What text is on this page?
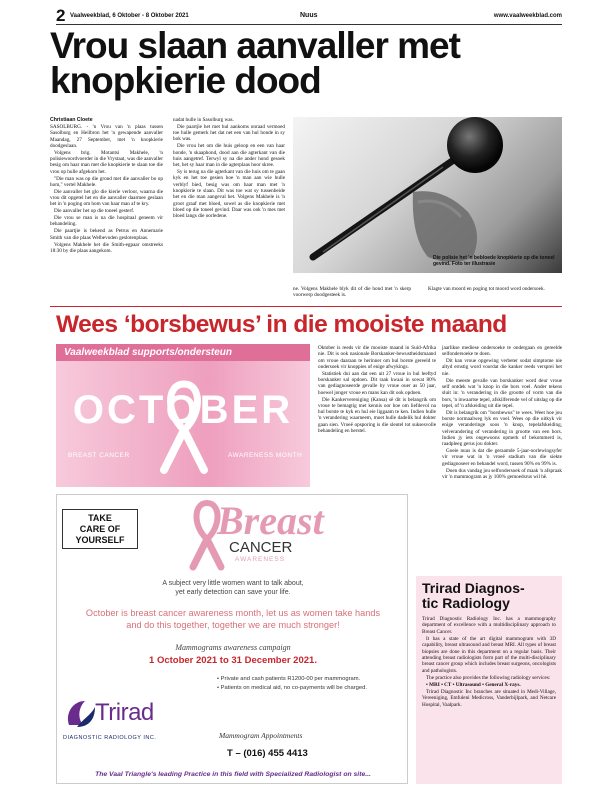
2 Vaalweekblad, 6 Oktober - 8 Oktober 2021	Nuus	www.vaalweekblad.com
Vrou slaan aanvaller met
knopkierie dood
Christiaan Cloete

SASOLBURG. - 'n Vrou van 'n plaas tussen Sasolburg en Heilbron het 'n gewapende aanvaller Maandag, 27 September, met 'n knopkierie doodgeslaan.

Volgens brig. Motantsi Makhele, 'n polisiewoordvoerder in die Vrystaat, was die aanvaller besig om haar man met die knopkierie te slaan toe die vrou op hulle afgekom het.

"Die man was op die grond met die aanvaller bo op hom," vertel Makhele.

Die aanvaller het glo die kierie verloor, waarna die vrou dit opgetel het en die aanvaller daarmee geslaan het in 'n poging om hom van haar man af te kry.

Die aanvaller het op die toneel gesterf.

Die vrou se man is na die hospitaal geneem vir behandeling.

Die paartjie is bekend as Petrus en Annemarie Smith van die plaas Welbevoden geslotenplaas.

Volgens Makhele het die Smith-egpaar omstreeks 18:30 by die plaas aangekom.

nadat hulle in Sasolburg was.

Die paartjie het met hul aankoms onraad vermoed toe hulle gemerk het dat net een van hul honde in sy hok was.

Die vrou het om die huis geloop en een van haar honde, 'n skaaphond, dood aan die agterkant van die huis aangetref. Terwyl sy na die ander hond gesoek het, het sy haar man in die agterplaas hoor skree.

Sy is terug na die agterkant van die huis om te gaan kyk en het toe gesien hoe 'n man aan wie hulle verblyf bied, besig was om haar man met 'n knopkierie te slaan. Dit was toe wat sy tussenbeide het en die man aangeval het. Volgens Makhele is 'n groot graaf met bloed, sowel as die knopkierie met bloed op die toneel gevind. Daar was ook 'n mes met bloed langs die oorledene.

Die polisie het 'n bebloede knopkierie op die toneel gevind. Foto ter illustrasie

ne. Volgens Makhele blyk dit of die hond met 'n skerp voorwerp doodgesteek is.

Klagte van moord en poging tot moord word ondersoek.

Wees ‘borsbewus’ in die mooiste maand
Vaalweekblad supports/ondersteun
OCTOBER
BREAST CANCER	AWARENESS MONTH

Oktober is reeds vir die mooiste maand in Suid-Afrika nie. Dit is ook nasionale Borskanker-bewustheidsmaand om vroue daaraan te herinner om hul borste gereeld te ondersoek vir knoppies of enige afwykings.

Statistiek dui aan dat een uit 27 vroue in hul leeftyd borskanker sal opdoen. Dit raak kwaai in sowat 80% van gediagnoseerde gevalle by vroue ouer as 50 jaar, hoewel jonger vroue en mans kan dit ook opdoen.

Die Kankervereniging (Kansa) sê dit is belangrik om vroue te bemagtig met kennis oor hoe om liefdevol na hul borste te kyk en hul eie liggaam te ken. Indien hulle 'n verandering waarneem, moet hulle dadelik hul dokter gaan sien. Vroeë opsporing is die sleutel tot suksesvolle behandeling en herstel.

jaarlikse mediese ondersoeke te ondergaan en gereelde selfondersoeke te doen.

Dit kan vroue opgewing verbeter sodat simptome nie altyd ernstig word voordat die kanker reeds versprei het nie.

Die meeste gevalle van borskanker word deur vroue self ontdek wat 'n knop in die bors voel. Ander tekens sluit in: 'n verandering in die grootte of vorm van die bors, 'n inwaartse tepel, afskilferende vel of uitslag op die tepel, of 'n afskeiding uit die tepel.

Dit is belangrik om "borsbewus" te wees. Weet hoe jou borste normaalweg lyk en voel. Wees op die uitkyk vir enige veranderinge soos 'n knop, tepelafskeiding, velverandering of verandering in grootte van een bors. Indien jy iets ongewoons opmerk of bekommerd is, raadpleeg gerus jou dokter.

Goeie nuus is dat die geraamde 5-jaar-oorlewingsyfer vir vroue wat in 'n vroeë stadium van die siekte gediagnoseer en behandel word, tussen 90% en 99% is.

Doen dus vandag jou selfondersoek of maak 'n afspraak vir 'n mammogram as jy 100% gemoedsrus wil hê.

TAKE
CARE OF
YOURSELF	Breast
CANCER
AWARENESS
A subject very little women want to talk about,
yet early detection can save your life.
October is breast cancer awareness month, let us as women take hands
and do this together, together we are much stronger!
Mammograms awareness campaign
1 October 2021 to 31 December 2021.
• Private and cash patients R1200-00 per mammogram.
• Patients on medical aid, no co-payments will be charged.
Trirad
DIAGNOSTIC RADIOLOGY INC.	Mammogram Appointments
T – (016) 455 4413
The Vaal Triangle's leading Practice in this field with Specialized Radiologist on site...
Trirad Diagnos-
tic Radiology

Trirad Diagnostic Radiology Inc. has a mammography department of excellence with a multidisciplinary approach to Breast Cancer.

It has a state of the art digital mammogram with 3D capability, breast ultrasound and breast MRI. All types of breast biopsies are done in this department on a regular basis. Their attending breast radiologists form part of the multi-disciplinary breast cancer group which includes breast surgeons, oncologists and pathologists.

The practice also provides the following radiology services:

• MRI • CT • Ultrasound • General X-rays.

Trirad Diagnostic Inc branches are situated in Medi-Village, Vereeniging, Emfuleni Medicross, Vanderbijlpark, and Netcare Hospital, Vaalpark.
